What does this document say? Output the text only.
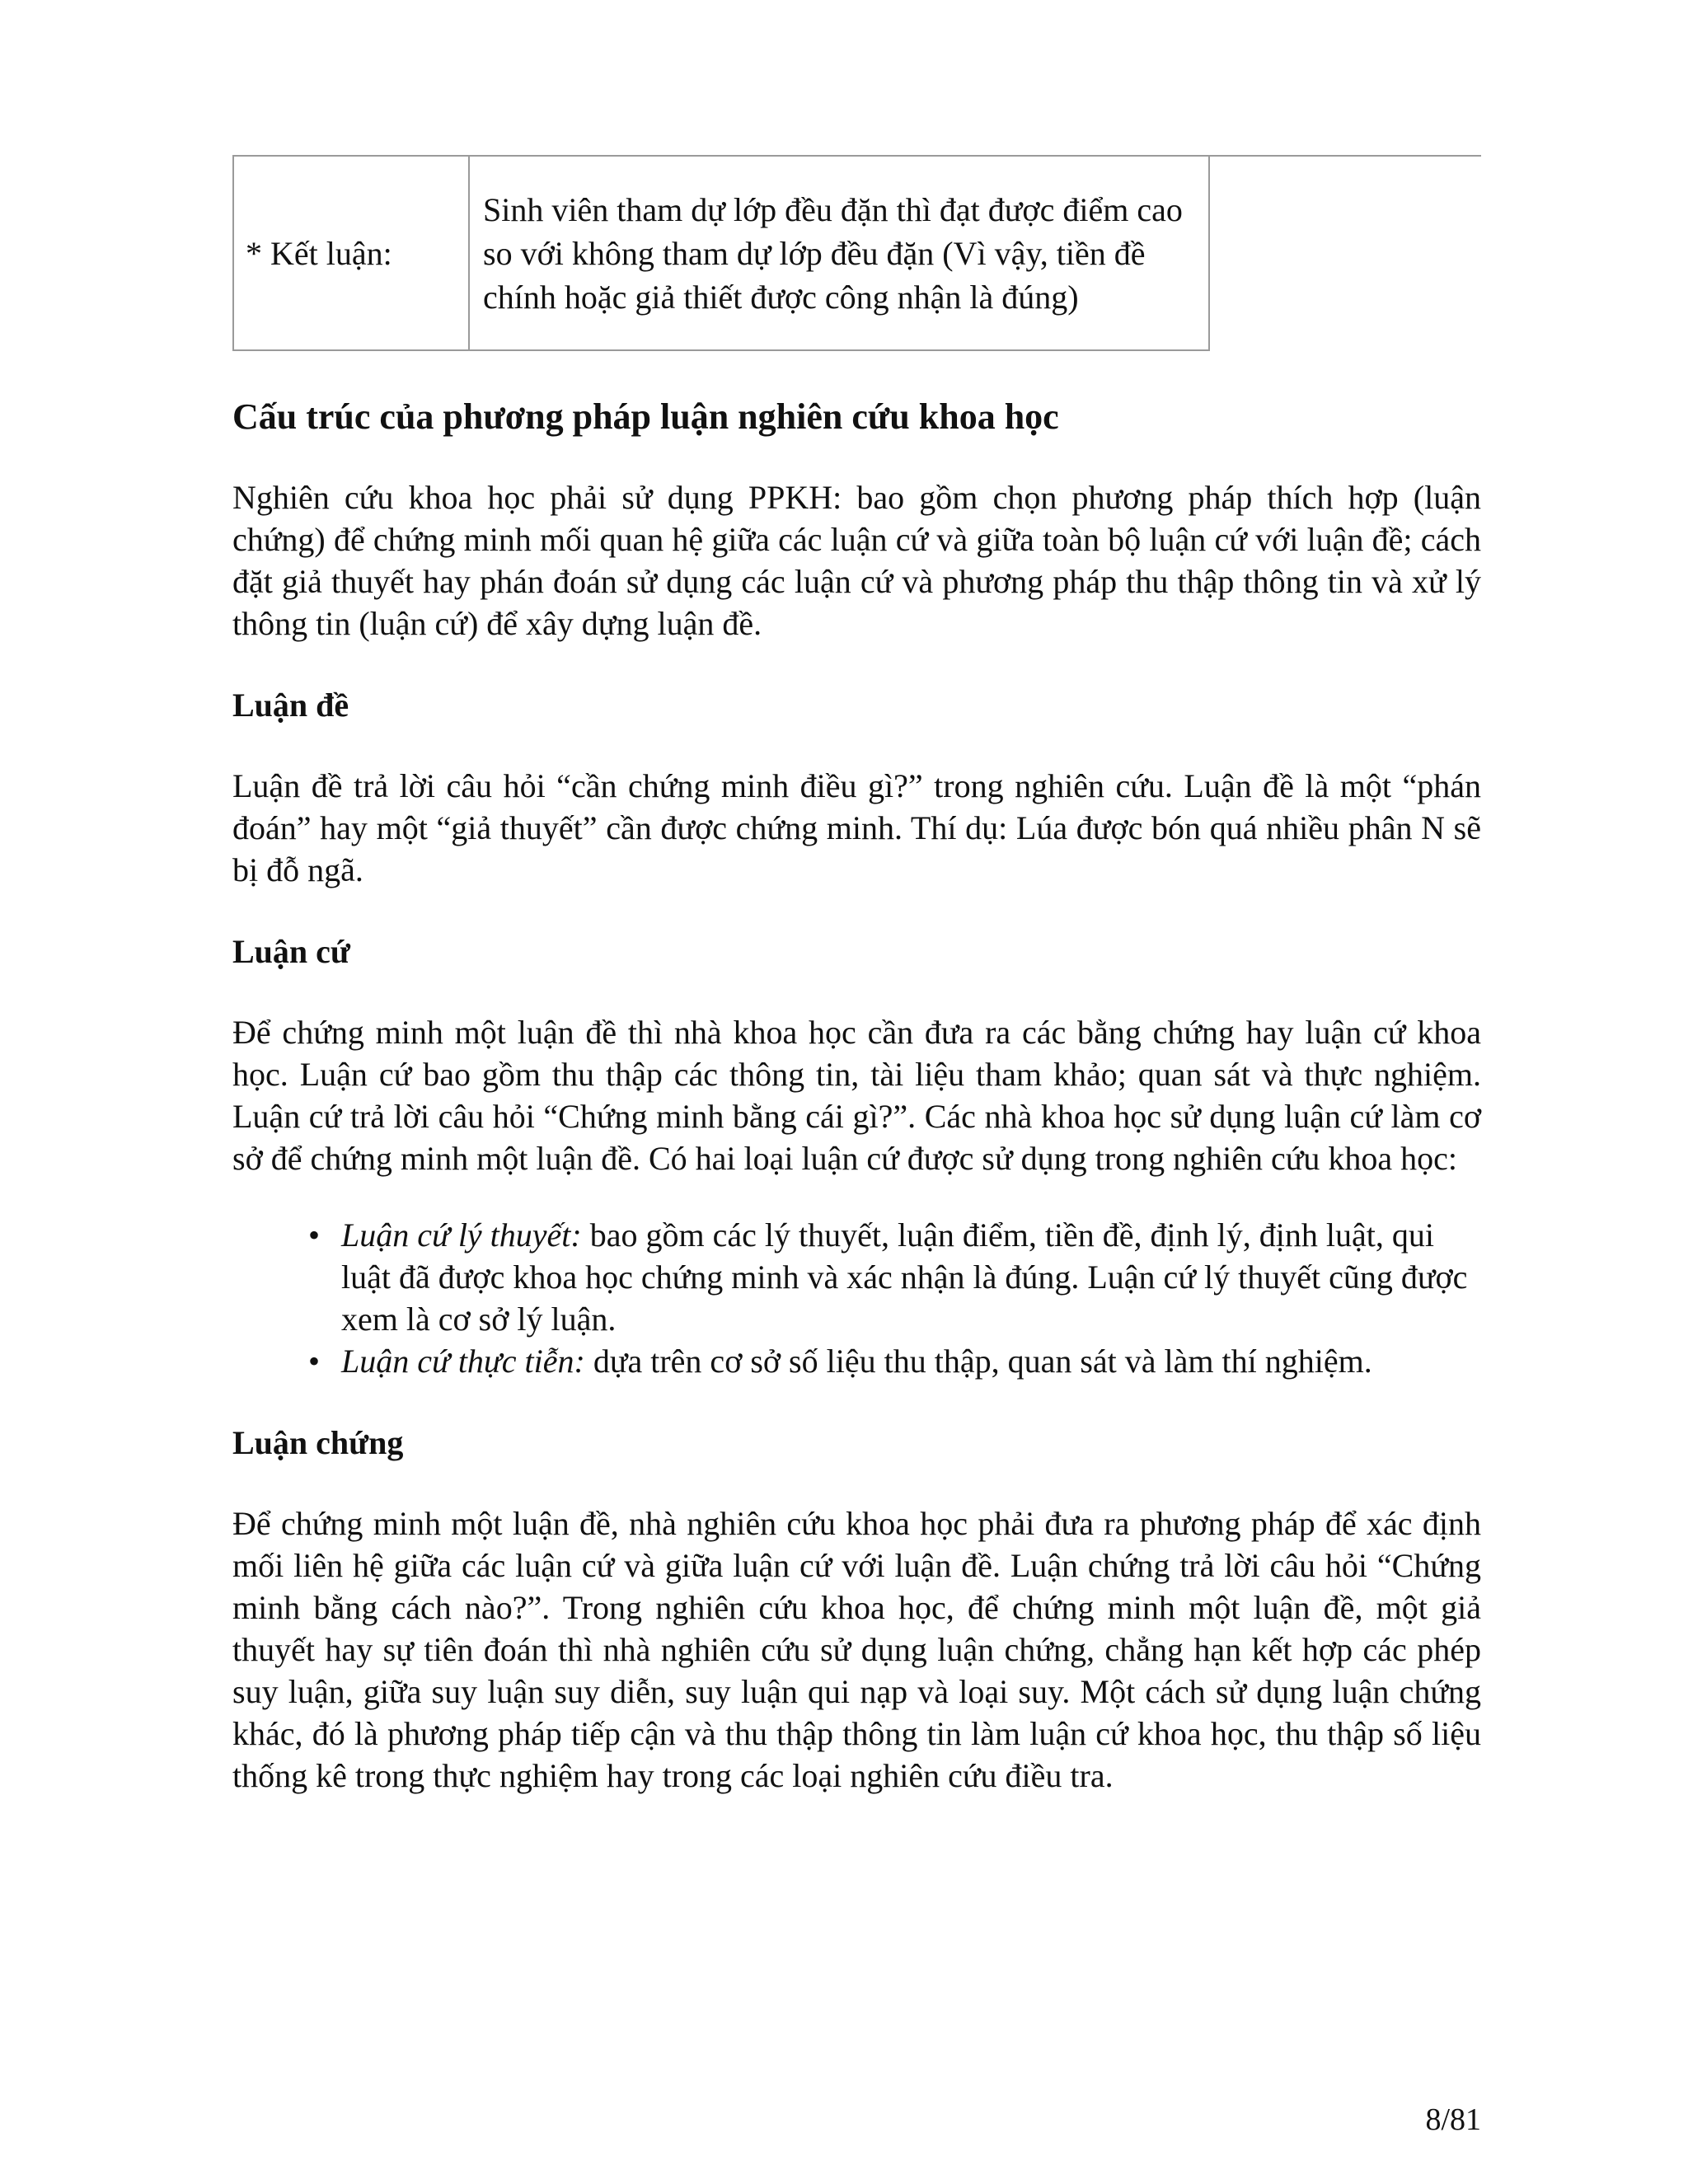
* Kết luận:	
Sinh viên tham dự lớp đều đặn thì đạt được điểm cao so với không tham dự lớp đều đặn (Vì vậy, tiền đề chính hoặc giả thiết được công nhận là đúng)
Cấu trúc của phương pháp luận nghiên cứu khoa học

Nghiên cứu khoa học phải sử dụng PPKH: bao gồm chọn phương pháp thích hợp (luận chứng) để chứng minh mối quan hệ giữa các luận cứ và giữa toàn bộ luận cứ với luận đề; cách đặt giả thuyết hay phán đoán sử dụng các luận cứ và phương pháp thu thập thông tin và xử lý thông tin (luận cứ) để xây dựng luận đề.

Luận đề

Luận đề trả lời câu hỏi “cần chứng minh điều gì?” trong nghiên cứu. Luận đề là một “phán đoán” hay một “giả thuyết” cần được chứng minh. Thí dụ: Lúa được bón quá nhiều phân N sẽ bị đỗ ngã.

Luận cứ

Để chứng minh một luận đề thì nhà khoa học cần đưa ra các bằng chứng hay luận cứ khoa học. Luận cứ bao gồm thu thập các thông tin, tài liệu tham khảo; quan sát và thực nghiệm. Luận cứ trả lời câu hỏi “Chứng minh bằng cái gì?”. Các nhà khoa học sử dụng luận cứ làm cơ sở để chứng minh một luận đề. Có hai loại luận cứ được sử dụng trong nghiên cứu khoa học:

• Luận cứ lý thuyết: bao gồm các lý thuyết, luận điểm, tiền đề, định lý, định luật, qui luật đã được khoa học chứng minh và xác nhận là đúng. Luận cứ lý thuyết cũng được xem là cơ sở lý luận.
• Luận cứ thực tiễn: dựa trên cơ sở số liệu thu thập, quan sát và làm thí nghiệm.
Luận chứng

Để chứng minh một luận đề, nhà nghiên cứu khoa học phải đưa ra phương pháp để xác định mối liên hệ giữa các luận cứ và giữa luận cứ với luận đề. Luận chứng trả lời câu hỏi “Chứng minh bằng cách nào?”. Trong nghiên cứu khoa học, để chứng minh một luận đề, một giả thuyết hay sự tiên đoán thì nhà nghiên cứu sử dụng luận chứng, chẳng hạn kết hợp các phép suy luận, giữa suy luận suy diễn, suy luận qui nạp và loại suy. Một cách sử dụng luận chứng khác, đó là phương pháp tiếp cận và thu thập thông tin làm luận cứ khoa học, thu thập số liệu thống kê trong thực nghiệm hay trong các loại nghiên cứu điều tra.

8/81
